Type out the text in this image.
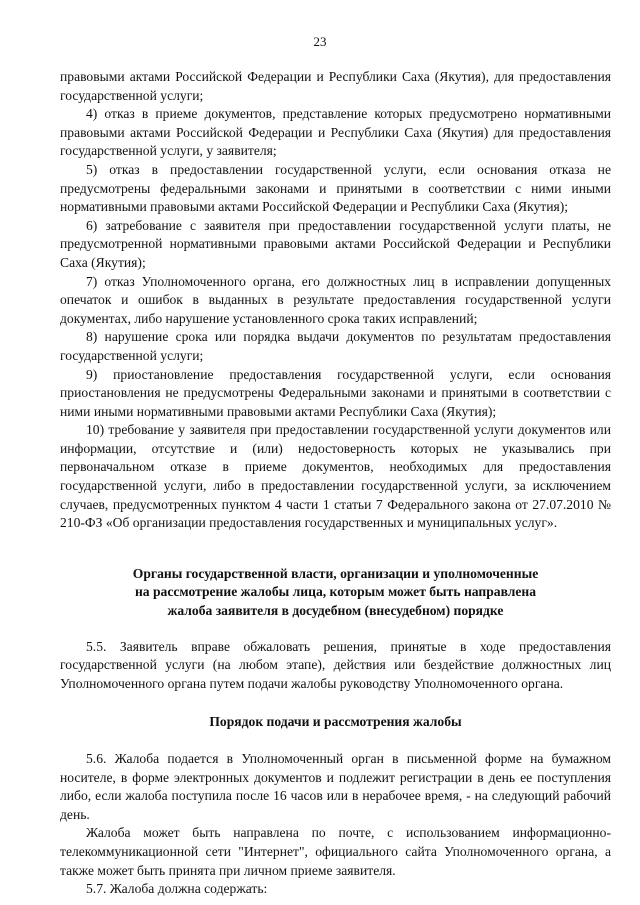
23

правовыми актами Российской Федерации и Республики Саха (Якутия), для предоставления государственной услуги;

4) отказ в приеме документов, представление которых предусмотрено нормативными правовыми актами Российской Федерации и Республики Саха (Якутия) для предоставления государственной услуги, у заявителя;

5) отказ в предоставлении государственной услуги, если основания отказа не предусмотрены федеральными законами и принятыми в соответствии с ними иными нормативными правовыми актами Российской Федерации и Республики Саха (Якутия);

6) затребование с заявителя при предоставлении государственной услуги платы, не предусмотренной нормативными правовыми актами Российской Федерации и Республики Саха (Якутия);

7) отказ Уполномоченного органа, его должностных лиц в исправлении допущенных опечаток и ошибок в выданных в результате предоставления государственной услуги документах, либо нарушение установленного срока таких исправлений;

8) нарушение срока или порядка выдачи документов по результатам предоставления государственной услуги;

9) приостановление предоставления государственной услуги, если основания приостановления не предусмотрены Федеральными законами и принятыми в соответствии с ними иными нормативными правовыми актами Республики Саха (Якутия);

10) требование у заявителя при предоставлении государственной услуги документов или информации, отсутствие и (или) недостоверность которых не указывались при первоначальном отказе в приеме документов, необходимых для предоставления государственной услуги, либо в предоставлении государственной услуги, за исключением случаев, предусмотренных пунктом 4 части 1 статьи 7 Федерального закона от 27.07.2010 № 210-ФЗ «Об организации предоставления государственных и муниципальных услуг».

Органы государственной власти, организации и уполномоченные
на рассмотрение жалобы лица, которым может быть направлена
жалоба заявителя в досудебном (внесудебном) порядке

5.5. Заявитель вправе обжаловать решения, принятые в ходе предоставления государственной услуги (на любом этапе), действия или бездействие должностных лиц Уполномоченного органа путем подачи жалобы руководству Уполномоченного органа.

Порядок подачи и рассмотрения жалобы

5.6. Жалоба подается в Уполномоченный орган в письменной форме на бумажном носителе, в форме электронных документов и подлежит регистрации в день ее поступления либо, если жалоба поступила после 16 часов или в нерабочее время, - на следующий рабочий день.

Жалоба может быть направлена по почте, с использованием информационно-телекоммуникационной сети "Интернет", официального сайта Уполномоченного органа, а также может быть принята при личном приеме заявителя.

5.7. Жалоба должна содержать:
